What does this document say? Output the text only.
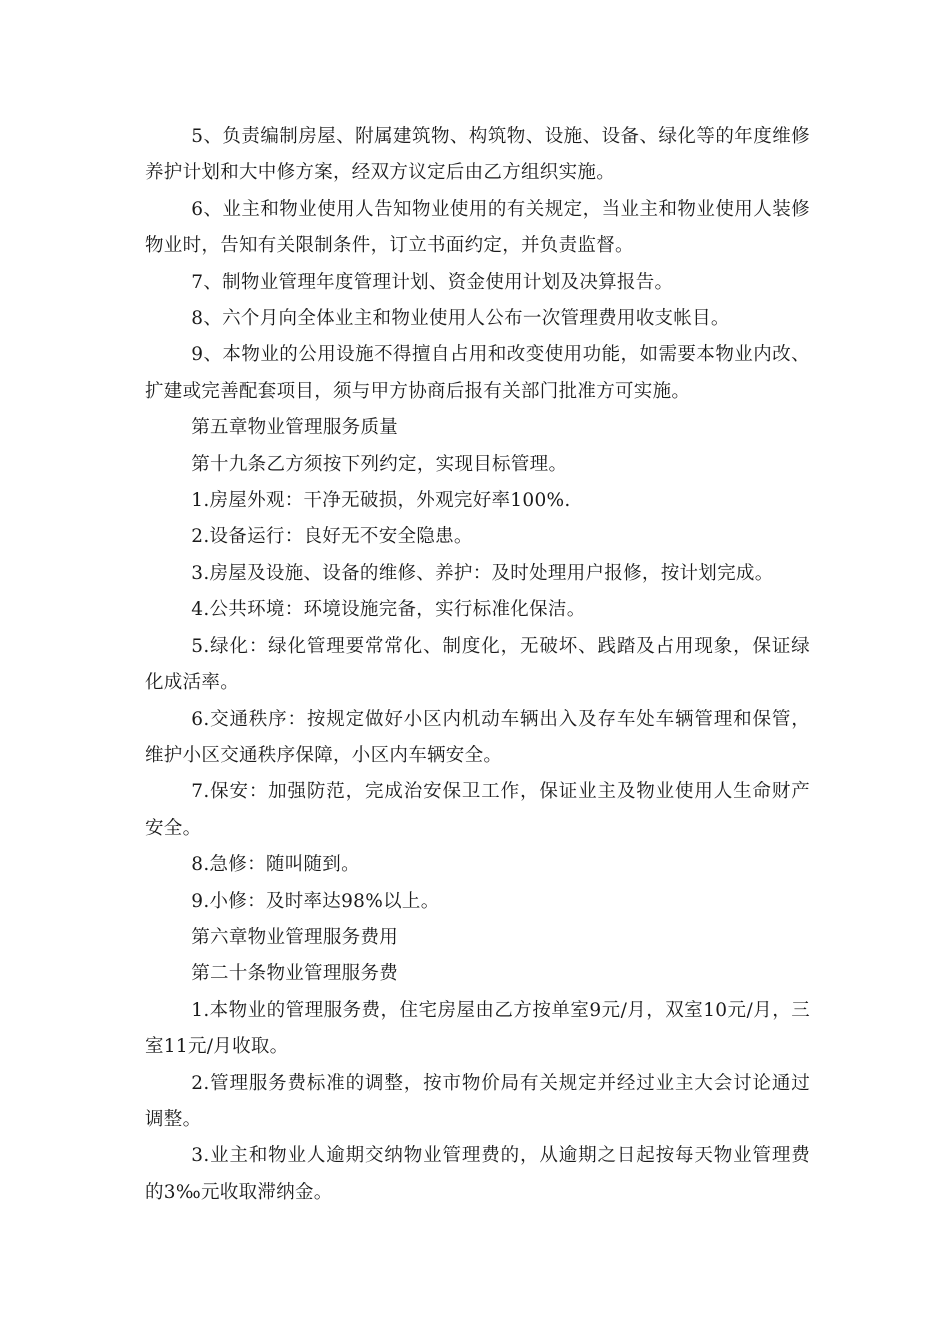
5、负责编制房屋、附属建筑物、构筑物、设施、设备、绿化等的年度维修养护计划和大中修方案，经双方议定后由乙方组织实施。

6、业主和物业使用人告知物业使用的有关规定，当业主和物业使用人装修物业时，告知有关限制条件，订立书面约定，并负责监督。

7、制物业管理年度管理计划、资金使用计划及决算报告。

8、六个月向全体业主和物业使用人公布一次管理费用收支帐目。

9、本物业的公用设施不得擅自占用和改变使用功能，如需要本物业内改、扩建或完善配套项目，须与甲方协商后报有关部门批准方可实施。

第五章物业管理服务质量

第十九条乙方须按下列约定，实现目标管理。

1.房屋外观：干净无破损，外观完好率100%.

2.设备运行：良好无不安全隐患。

3.房屋及设施、设备的维修、养护：及时处理用户报修，按计划完成。

4.公共环境：环境设施完备，实行标准化保洁。

5.绿化：绿化管理要常常化、制度化，无破坏、践踏及占用现象，保证绿化成活率。

6.交通秩序：按规定做好小区内机动车辆出入及存车处车辆管理和保管，维护小区交通秩序保障，小区内车辆安全。

7.保安：加强防范，完成治安保卫工作，保证业主及物业使用人生命财产安全。

8.急修：随叫随到。

9.小修：及时率达98%以上。

第六章物业管理服务费用

第二十条物业管理服务费

1.本物业的管理服务费，住宅房屋由乙方按单室9元/月，双室10元/月，三室11元/月收取。

2.管理服务费标准的调整，按市物价局有关规定并经过业主大会讨论通过调整。

3.业主和物业人逾期交纳物业管理费的，从逾期之日起按每天物业管理费的3‰元收取滞纳金。
